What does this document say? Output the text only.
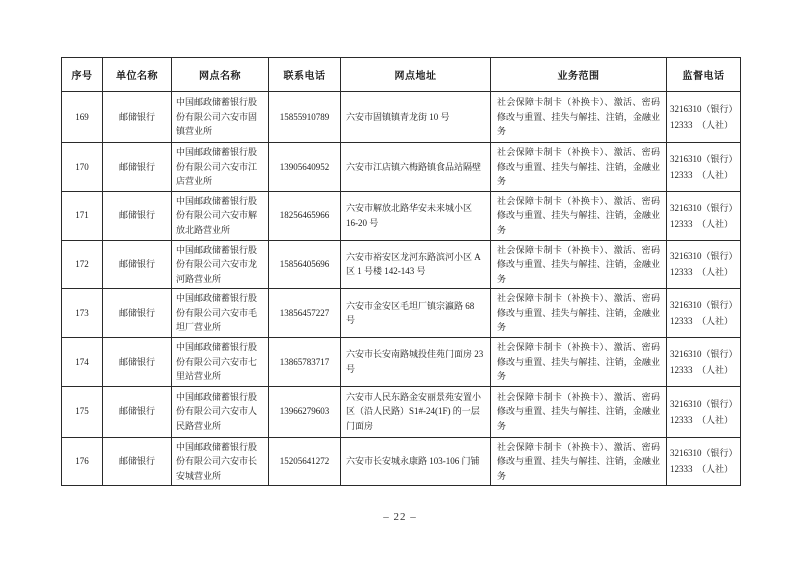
序号	单位名称	网点名称	联系电话	网点地址	业务范围	监督电话
169	邮储银行	中国邮政储蓄银行股份有限公司六安市固镇营业所	15855910789	六安市固镇镇青龙街 10 号	社会保障卡制卡（补换卡）、激活、密码修改与重置、挂失与解挂、注销，金融业务	3216310（银行）
12333　（人社）

170	邮储银行	中国邮政储蓄银行股份有限公司六安市江店营业所	13905640952	六安市江店镇六梅路镇食品站隔壁	社会保障卡制卡（补换卡）、激活、密码修改与重置、挂失与解挂、注销，金融业务	3216310（银行）
12333　（人社）

171	邮储银行	中国邮政储蓄银行股份有限公司六安市解放北路营业所	18256465966	六安市解放北路华安未来城小区 16-20 号	社会保障卡制卡（补换卡）、激活、密码修改与重置、挂失与解挂、注销，金融业务	3216310（银行）
12333　（人社）

172	邮储银行	中国邮政储蓄银行股份有限公司六安市龙河路营业所	15856405696	六安市裕安区龙河东路滨河小区 A 区 1 号楼 142-143 号	社会保障卡制卡（补换卡）、激活、密码修改与重置、挂失与解挂、注销，金融业务	3216310（银行）
12333　（人社）

173	邮储银行	中国邮政储蓄银行股份有限公司六安市毛坦厂营业所	13856457227	六安市金安区毛坦厂镇宗瀛路 68 号	社会保障卡制卡（补换卡）、激活、密码修改与重置、挂失与解挂、注销，金融业务	3216310（银行）
12333　（人社）

174	邮储银行	中国邮政储蓄银行股份有限公司六安市七里站营业所	13865783717	六安市长安南路城投佳苑门面房 23 号	社会保障卡制卡（补换卡）、激活、密码修改与重置、挂失与解挂、注销，金融业务	3216310（银行）
12333　（人社）

175	邮储银行	中国邮政储蓄银行股份有限公司六安市人民路营业所	13966279603	六安市人民东路金安丽景苑安置小区（沿人民路）S1#-24(1F) 的一层门面房	社会保障卡制卡（补换卡）、激活、密码修改与重置、挂失与解挂、注销，金融业务	3216310（银行）
12333　（人社）

176	邮储银行	中国邮政储蓄银行股份有限公司六安市长安城营业所	15205641272	六安市长安城永康路 103-106 门铺	社会保障卡制卡（补换卡）、激活、密码修改与重置、挂失与解挂、注销，金融业务	3216310（银行）
12333　（人社）
– 22 –
